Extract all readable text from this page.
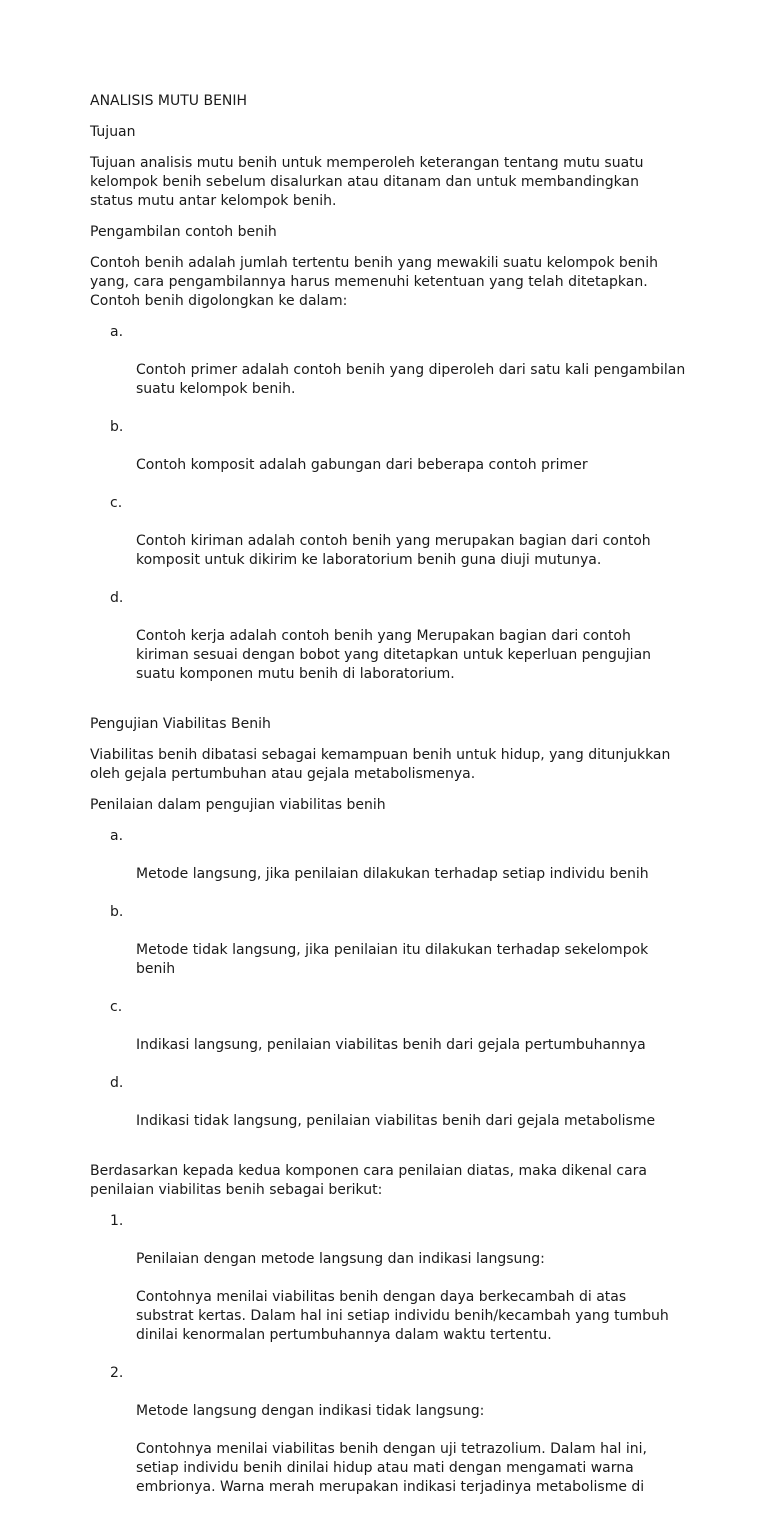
ANALISIS MUTU BENIH
Tujuan

Tujuan analisis mutu benih untuk memperoleh keterangan tentang mutu suatu
kelompok benih sebelum disalurkan atau ditanam dan untuk membandingkan
status mutu antar kelompok benih.

Pengambilan contoh benih

Contoh benih adalah jumlah tertentu benih yang mewakili suatu kelompok benih
yang, cara pengambilannya harus memenuhi ketentuan yang telah ditetapkan.
Contoh benih digolongkan ke dalam:

a.

Contoh primer adalah contoh benih yang diperoleh dari satu kali pengambilan
suatu kelompok benih.

b.

Contoh komposit adalah gabungan dari beberapa contoh primer

c.

Contoh kiriman adalah contoh benih yang merupakan bagian dari contoh
komposit untuk dikirim ke laboratorium benih guna diuji mutunya.

d.

Contoh kerja adalah contoh benih yang Merupakan bagian dari contoh
kiriman sesuai dengan bobot yang ditetapkan untuk keperluan pengujian
suatu komponen mutu benih di laboratorium.

Pengujian Viabilitas Benih

Viabilitas benih dibatasi sebagai kemampuan benih untuk hidup, yang ditunjukkan
oleh gejala pertumbuhan atau gejala metabolismenya.

Penilaian dalam pengujian viabilitas benih

a.

Metode langsung, jika penilaian dilakukan terhadap setiap individu benih

b.

Metode tidak langsung, jika penilaian itu dilakukan terhadap sekelompok
benih

c.

Indikasi langsung, penilaian viabilitas benih dari gejala pertumbuhannya

d.

Indikasi tidak langsung, penilaian viabilitas benih dari gejala metabolisme

Berdasarkan kepada kedua komponen cara penilaian diatas, maka dikenal cara
penilaian viabilitas benih sebagai berikut:

1.

Penilaian dengan metode langsung dan indikasi langsung:

Contohnya menilai viabilitas benih dengan daya berkecambah di atas
substrat kertas. Dalam hal ini setiap individu benih/kecambah yang tumbuh
dinilai kenormalan pertumbuhannya dalam waktu tertentu.

2.

Metode langsung dengan indikasi tidak langsung:

Contohnya menilai viabilitas benih dengan uji tetrazolium. Dalam hal ini,
setiap individu benih dinilai hidup atau mati dengan mengamati warna
embrionya. Warna merah merupakan indikasi terjadinya metabolisme di
